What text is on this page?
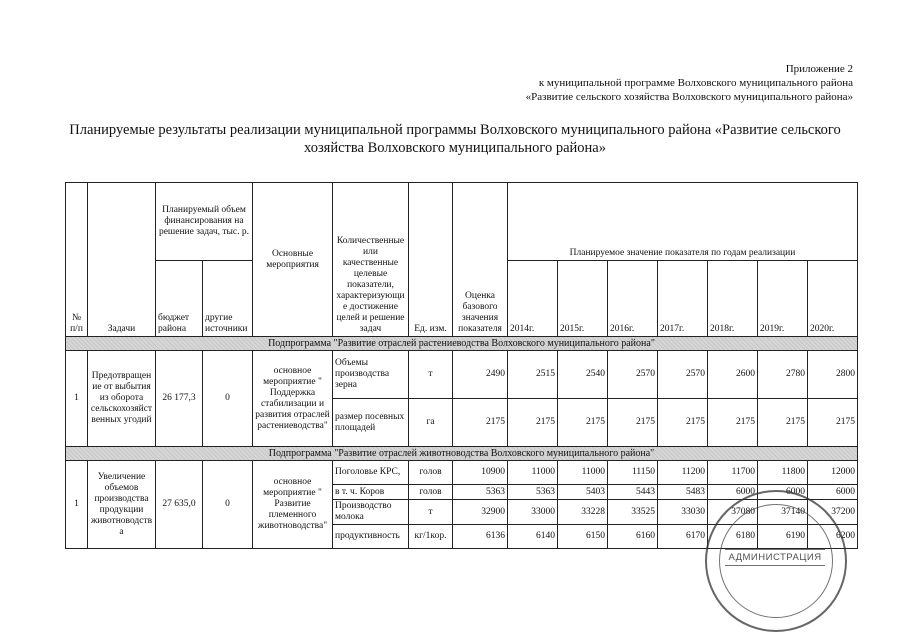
Приложение 2
к муниципальной программе Волховского муниципального района
«Развитие сельского хозяйства Волховского муниципального района»
Планируемые результаты реализации муниципальной программы Волховского муниципального района «Развитие сельского хозяйства Волховского муниципального района»
№ п/п	Задачи	Планируемый объем финансирования на решение задач, тыс. р.		Основные мероприятия	Количественные или качественные целевые показатели, характеризующие достижение целей и решение задач	Ед. изм.	Оценка базового значения показателя	Планируемое значение показателя по годам реализации						
		бюджет района	другие источники					2014г.	2015г.	2016г.	2017г.	2018г.	2019г.	2020г.
Подпрограмма "Развитие отраслей растениеводства Волховского муниципального района"														
1	Предотвращение от выбытия из оборота сельскохозяйственных угодий	26 177,3	0	основное мероприятие " Поддержка стабилизации и развития отраслей растениеводства"	Объемы производства зерна	т	2490	2515	2540	2570	2570	2600	2780	2800
					размер посевных площадей	га	2175	2175	2175	2175	2175	2175	2175	2175
Подпрограмма "Развитие отраслей животноводства Волховского муниципального района"														
1	Увеличение объемов производства продукции животноводства	27 635,0	0	основное мероприятие " Развитие племенного животноводства"	Поголовье КРС,	голов	10900	11000	11000	11150	11200	11700	11800	12000
					в т. ч. Коров	голов	5363	5363	5403	5443	5483	6000	6000	6000
					Производство молока	т	32900	33000	33228	33525	33030	37080	37140	37200
					продуктивность	кг/1кор.	6136	6140	6150	6160	6170	6180	6190	6200
АДМИНИСТРАЦИЯ
